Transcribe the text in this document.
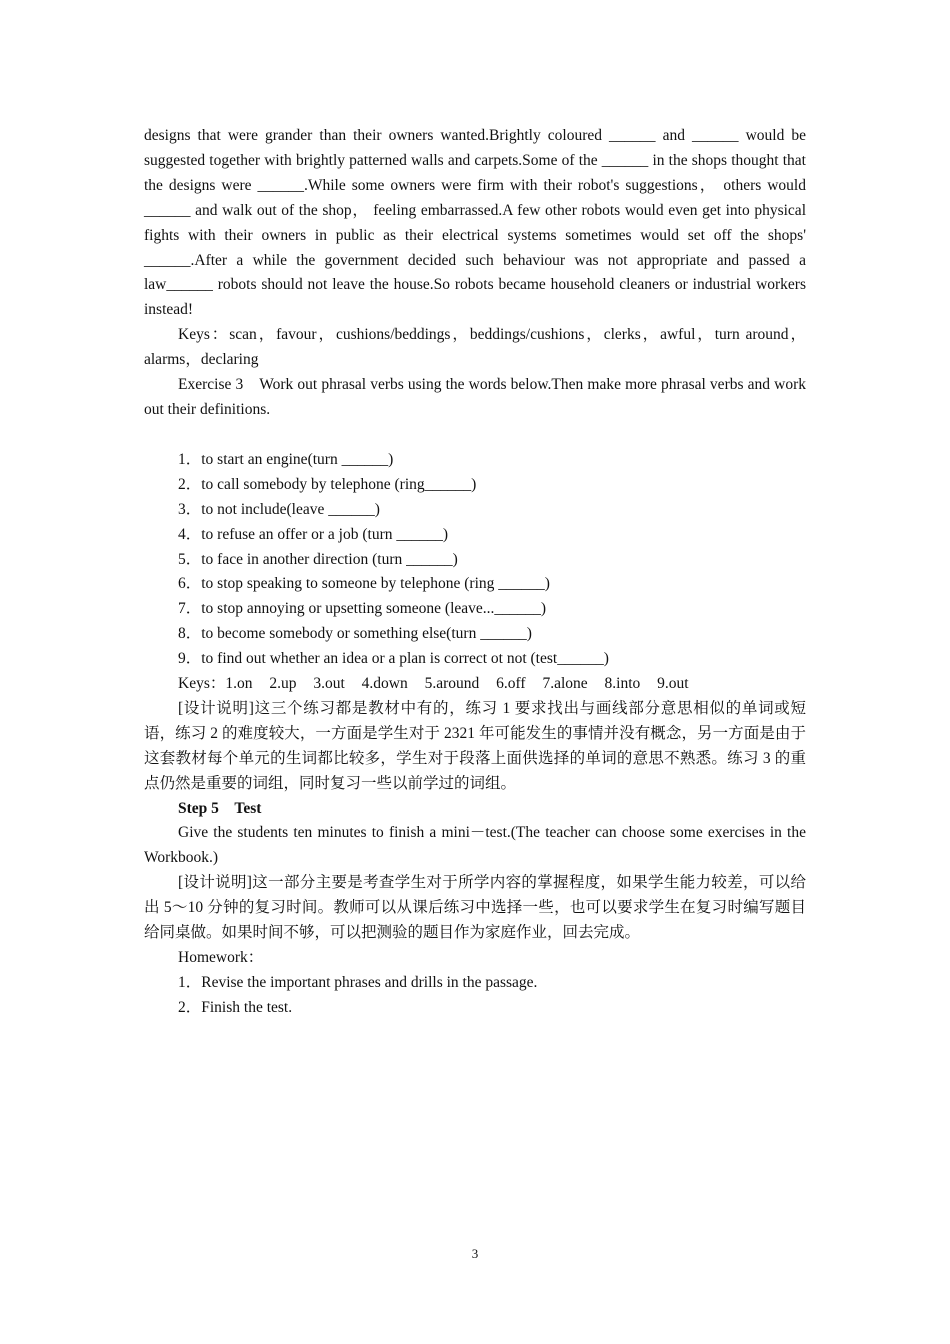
designs that were grander than their owners wanted.Brightly coloured ______ and ______ would be suggested together with brightly patterned walls and carpets.Some of the ______ in the shops thought that the designs were ______.While some owners were firm with their robot's suggestions， others would ______ and walk out of the shop， feeling embarrassed.A few other robots would even get into physical fights with their owners in public as their electrical systems sometimes would set off the shops' ______.After a while the government decided such behaviour was not appropriate and passed a law______ robots should not leave the house.So robots became household cleaners or industrial workers instead!

Keys：scan，favour，cushions/beddings，beddings/cushions，clerks，awful，turn around，alarms，declaring

Exercise 3　Work out phrasal verbs using the words below.Then make more phrasal verbs and work out their definitions.

1．to start an engine(turn ______)

2．to call somebody by telephone (ring______)

3．to not include(leave ______)

4．to refuse an offer or a job (turn ______)

5．to face in another direction (turn ______)

6．to stop speaking to someone by telephone (ring ______)

7．to stop annoying or upsetting someone (leave...______)

8．to become somebody or something else(turn ______)

9．to find out whether an idea or a plan is correct ot not (test______)

Keys：1.on 2.up 3.out 4.down 5.around 6.off 7.alone 8.into 9.out

[设计说明]这三个练习都是教材中有的，练习 1 要求找出与画线部分意思相似的单词或短语，练习 2 的难度较大，一方面是学生对于 2321 年可能发生的事情并没有概念，另一方面是由于这套教材每个单元的生词都比较多，学生对于段落上面供选择的单词的意思不熟悉。练习 3 的重点仍然是重要的词组，同时复习一些以前学过的词组。

Step 5　Test

Give the students ten minutes to finish a mini－test.(The teacher can choose some exercises in the Workbook.)

[设计说明]这一部分主要是考查学生对于所学内容的掌握程度，如果学生能力较差，可以给出 5～10 分钟的复习时间。教师可以从课后练习中选择一些，也可以要求学生在复习时编写题目给同桌做。如果时间不够，可以把测验的题目作为家庭作业，回去完成。

Homework：

1．Revise the important phrases and drills in the passage.

2．Finish the test.

3
